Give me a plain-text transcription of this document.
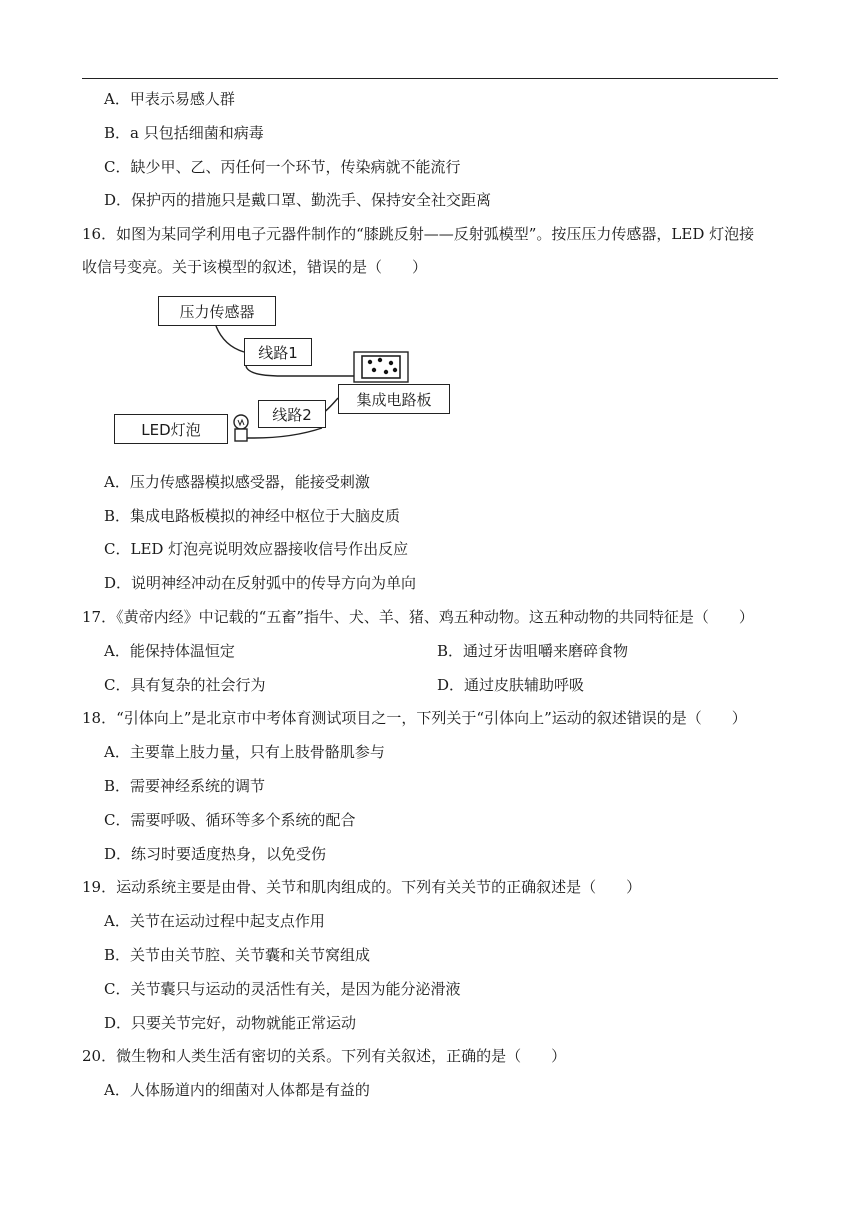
A．甲表示易感人群
B．a 只包括细菌和病毒
C．缺少甲、乙、丙任何一个环节，传染病就不能流行
D．保护丙的措施只是戴口罩、勤洗手、保持安全社交距离
16．如图为某同学利用电子元器件制作的“膝跳反射——反射弧模型”。按压压力传感器，LED 灯泡接
收信号变亮。关于该模型的叙述，错误的是（　　）
压力传感器
线路1
集成电路板
线路2
LED灯泡
A．压力传感器模拟感受器，能接受刺激
B．集成电路板模拟的神经中枢位于大脑皮质
C．LED 灯泡亮说明效应器接收信号作出反应
D．说明神经冲动在反射弧中的传导方向为单向
17．《黄帝内经》中记载的“五畜”指牛、犬、羊、猪、鸡五种动物。这五种动物的共同特征是（　　）
A．能保持体温恒定	B．通过牙齿咀嚼来磨碎食物
C．具有复杂的社会行为	D．通过皮肤辅助呼吸
18．“引体向上”是北京市中考体育测试项目之一，下列关于“引体向上”运动的叙述错误的是（　　）
A．主要靠上肢力量，只有上肢骨骼肌参与
B．需要神经系统的调节
C．需要呼吸、循环等多个系统的配合
D．练习时要适度热身，以免受伤
19．运动系统主要是由骨、关节和肌肉组成的。下列有关关节的正确叙述是（　　）
A．关节在运动过程中起支点作用
B．关节由关节腔、关节囊和关节窝组成
C．关节囊只与运动的灵活性有关，是因为能分泌滑液
D．只要关节完好，动物就能正常运动
20．微生物和人类生活有密切的关系。下列有关叙述，正确的是（　　）
A．人体肠道内的细菌对人体都是有益的
